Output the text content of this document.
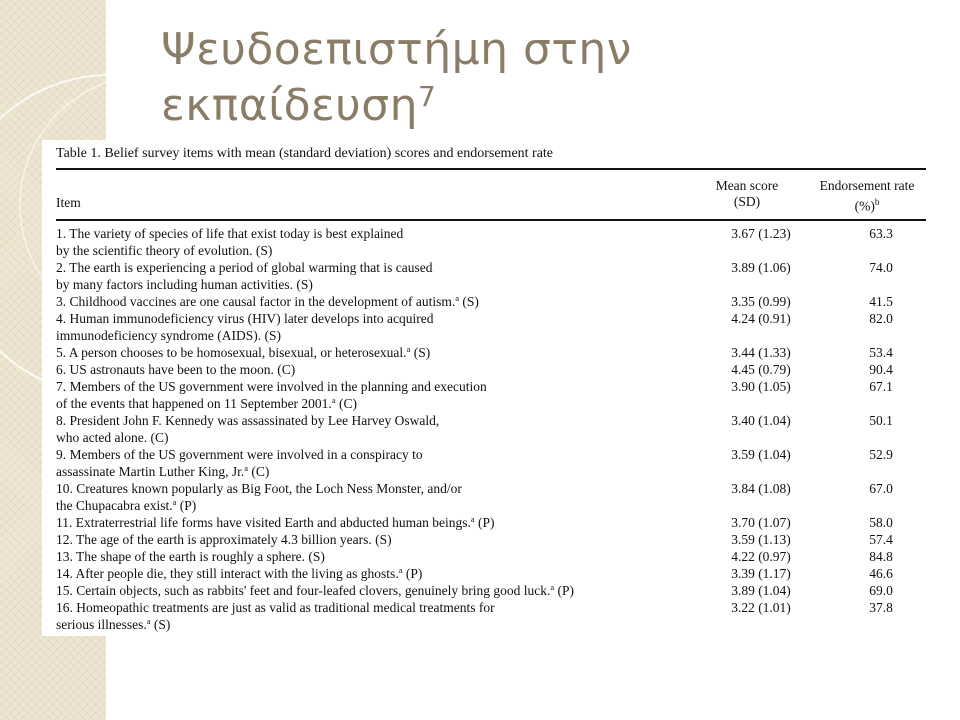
Ψευδοεπιστήμη στην
εκπαίδευση$^7$
Table 1. Belief survey items with mean (standard deviation) scores and endorsement rate
Item
Mean score
(SD)
Endorsement rate
(%)$^b$
1. The variety of species of life that exist today is best explained
by the scientific theory of evolution. (S)
3.67 (1.23)	63.3
2. The earth is experiencing a period of global warming that is caused
by many factors including human activities. (S)
3.89 (1.06)	74.0
3. Childhood vaccines are one causal factor in the development of autism.$^a$ (S)	3.35 (0.99)	41.5
4. Human immunodeficiency virus (HIV) later develops into acquired
immunodeficiency syndrome (AIDS). (S)
4.24 (0.91)	82.0
5. A person chooses to be homosexual, bisexual, or heterosexual.$^a$ (S)	3.44 (1.33)	53.4
6. US astronauts have been to the moon. (C)	4.45 (0.79)	90.4
7. Members of the US government were involved in the planning and execution
of the events that happened on 11 September 2001.$^a$ (C)
3.90 (1.05)	67.1
8. President John F. Kennedy was assassinated by Lee Harvey Oswald,
who acted alone. (C)
3.40 (1.04)	50.1
9. Members of the US government were involved in a conspiracy to
assassinate Martin Luther King, Jr.$^a$ (C)
3.59 (1.04)	52.9
10. Creatures known popularly as Big Foot, the Loch Ness Monster, and/or
the Chupacabra exist.$^a$ (P)
3.84 (1.08)	67.0
11. Extraterrestrial life forms have visited Earth and abducted human beings.$^a$ (P)	3.70 (1.07)	58.0
12. The age of the earth is approximately 4.3 billion years. (S)	3.59 (1.13)	57.4
13. The shape of the earth is roughly a sphere. (S)	4.22 (0.97)	84.8
14. After people die, they still interact with the living as ghosts.$^a$ (P)	3.39 (1.17)	46.6
15. Certain objects, such as rabbits' feet and four-leafed clovers, genuinely bring good luck.$^a$ (P)	3.89 (1.04)	69.0
16. Homeopathic treatments are just as valid as traditional medical treatments for
serious illnesses.$^a$ (S)
3.22 (1.01)	37.8
